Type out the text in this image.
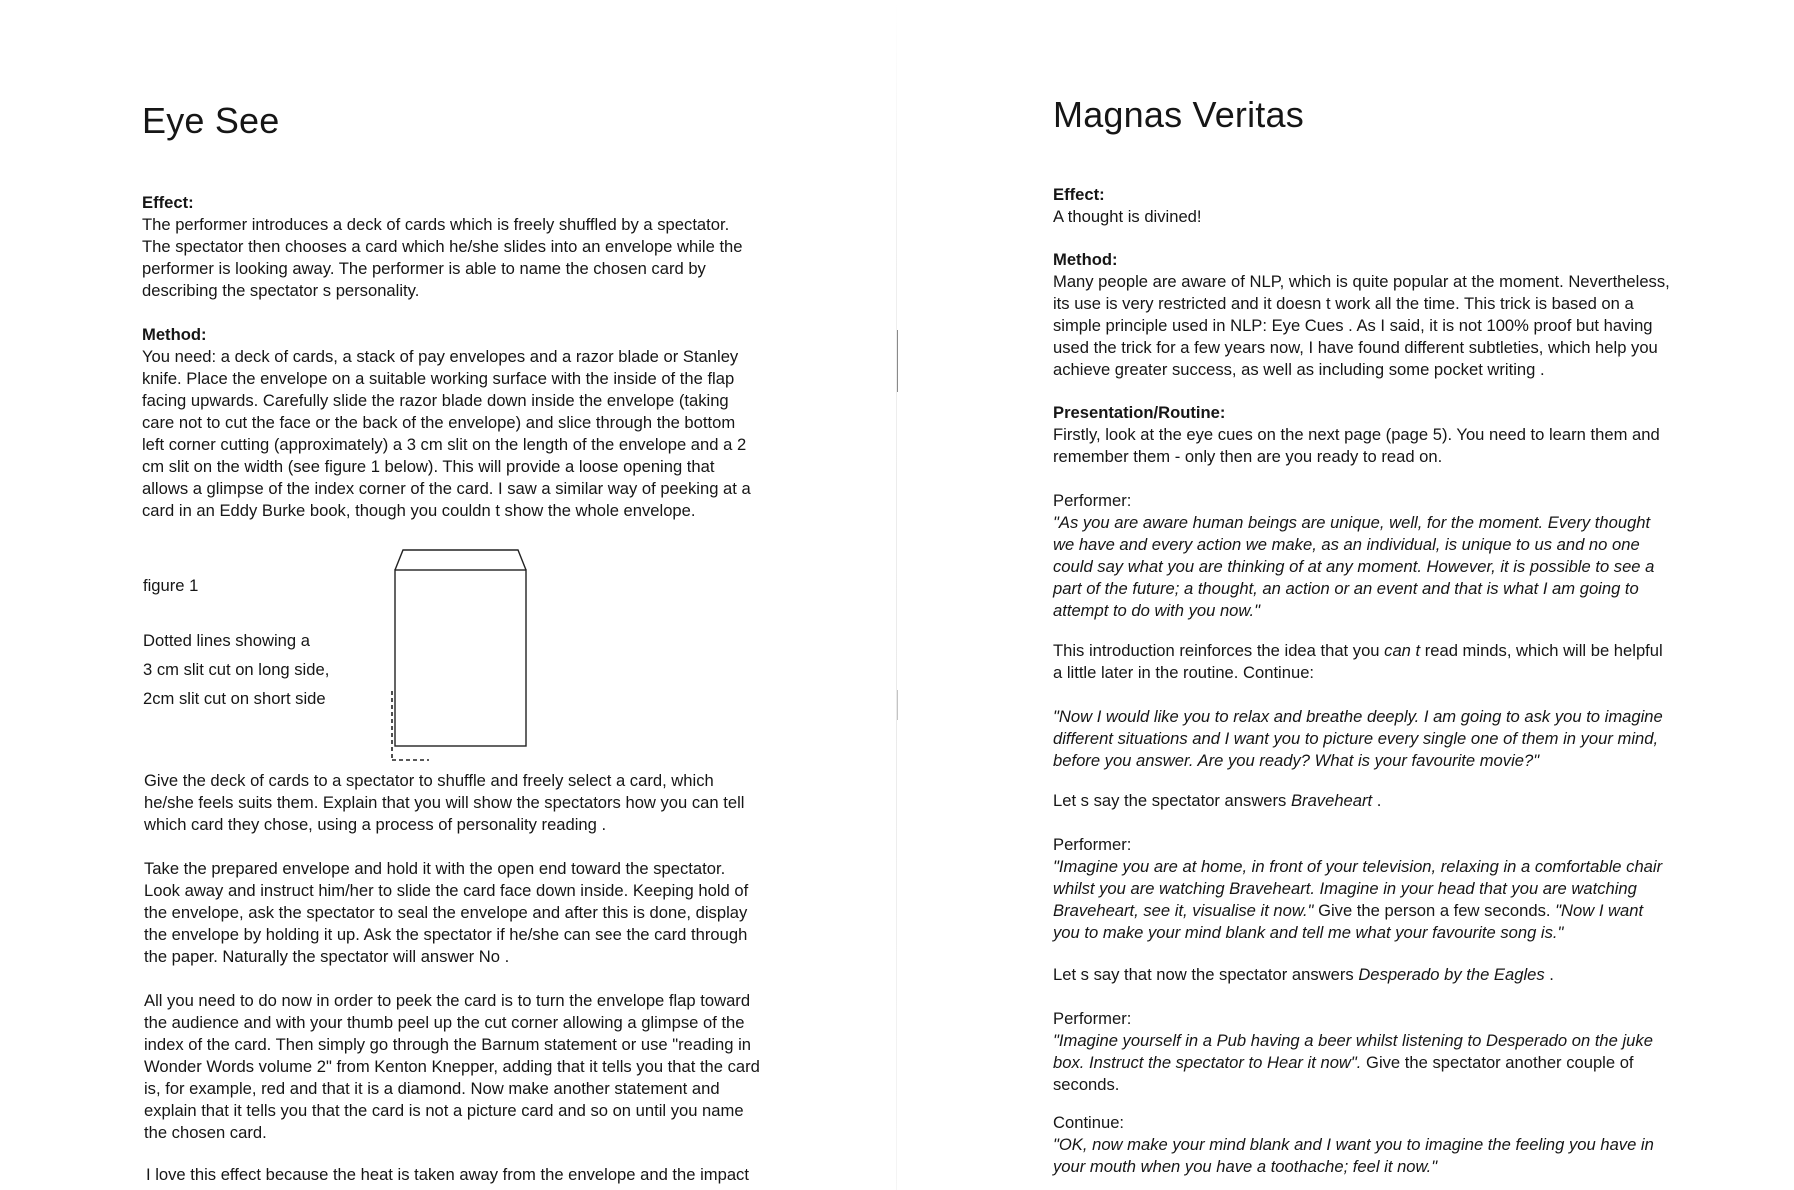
Eye See

Effect:

The performer introduces a deck of cards which is freely shuffled by a spectator.

The spectator then chooses a card which he/she slides into an envelope while the

performer is looking away. The performer is able to name the chosen card by

describing the spectator s personality.

Method:

You need: a deck of cards, a stack of pay envelopes and a razor blade or Stanley

knife. Place the envelope on a suitable working surface with the inside of the flap

facing upwards. Carefully slide the razor blade down inside the envelope (taking

care not to cut the face or the back of the envelope) and slice through the bottom

left corner cutting (approximately) a 3 cm slit on the length of the envelope and a 2

cm slit on the width (see figure 1 below). This will provide a loose opening that

allows a glimpse of the index corner of the card. I saw a similar way of peeking at a

card in an Eddy Burke book, though you couldn t show the whole envelope.

figure 1

Dotted lines showing a

3 cm slit cut on long side,

2cm slit cut on short side

Give the deck of cards to a spectator to shuffle and freely select a card, which

he/she feels suits them. Explain that you will show the spectators how you can tell

which card they chose, using a process of personality reading .

Take the prepared envelope and hold it with the open end toward the spectator.

Look away and instruct him/her to slide the card face down inside. Keeping hold of

the envelope, ask the spectator to seal the envelope and after this is done, display

the envelope by holding it up. Ask the spectator if he/she can see the card through

the paper. Naturally the spectator will answer No .

All you need to do now in order to peek the card is to turn the envelope flap toward

the audience and with your thumb peel up the cut corner allowing a glimpse of the

index of the card. Then simply go through the Barnum statement or use "reading in

Wonder Words volume 2" from Kenton Knepper, adding that it tells you that the card

is, for example, red and that it is a diamond. Now make another statement and

explain that it tells you that the card is not a picture card and so on until you name

the chosen card.

I love this effect because the heat is taken away from the envelope and the impact

Magnas Veritas

Effect:

A thought is divined!

Method:

Many people are aware of NLP, which is quite popular at the moment. Nevertheless,

its use is very restricted and it doesn t work all the time. This trick is based on a

simple principle used in NLP: Eye Cues . As I said, it is not 100% proof but having

used the trick for a few years now, I have found different subtleties, which help you

achieve greater success, as well as including some pocket writing .

Presentation/Routine:

Firstly, look at the eye cues on the next page (page 5). You need to learn them and

remember them - only then are you ready to read on.

Performer:

"As you are aware human beings are unique, well, for the moment. Every thought

we have and every action we make, as an individual, is unique to us and no one

could say what you are thinking of at any moment. However, it is possible to see a

part of the future; a thought, an action or an event and that is what I am going to

attempt to do with you now."

This introduction reinforces the idea that you can t read minds, which will be helpful

a little later in the routine. Continue:

"Now I would like you to relax and breathe deeply. I am going to ask you to imagine

different situations and I want you to picture every single one of them in your mind,

before you answer. Are you ready? What is your favourite movie?"

Let s say the spectator answers Braveheart .

Performer:

"Imagine you are at home, in front of your television, relaxing in a comfortable chair

whilst you are watching Braveheart. Imagine in your head that you are watching

Braveheart, see it, visualise it now." Give the person a few seconds. "Now I want

you to make your mind blank and tell me what your favourite song is."

Let s say that now the spectator answers Desperado by the Eagles .

Performer:

"Imagine yourself in a Pub having a beer whilst listening to Desperado on the juke

box. Instruct the spectator to Hear it now". Give the spectator another couple of

seconds.

Continue:

"OK, now make your mind blank and I want you to imagine the feeling you have in

your mouth when you have a toothache; feel it now."
